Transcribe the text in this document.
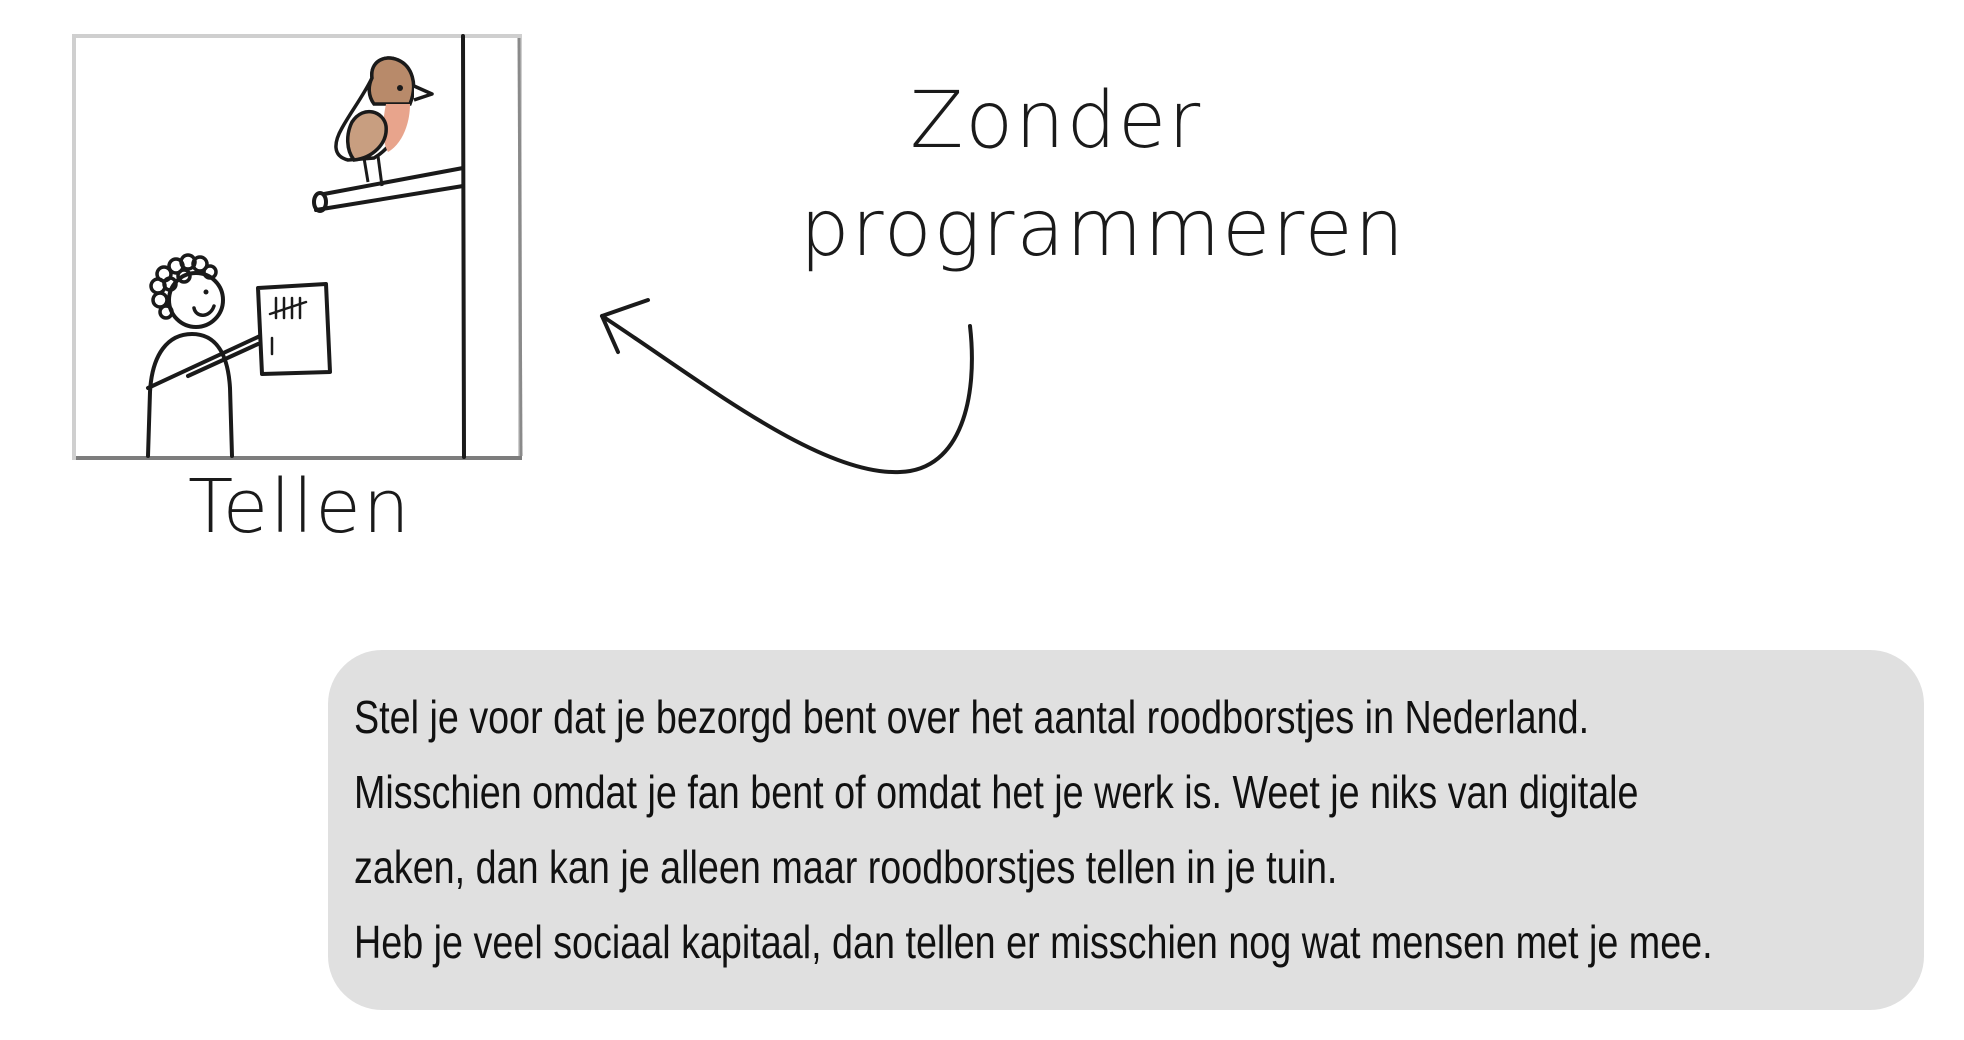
Tellen
Zonder
programmeren
Stel je voor dat je bezorgd bent over het aantal roodborstjes in Nederland.
Misschien omdat je fan bent of omdat het je werk is. Weet je niks van digitale
zaken, dan kan je alleen maar roodborstjes tellen in je tuin.
Heb je veel sociaal kapitaal, dan tellen er misschien nog wat mensen met je mee.
